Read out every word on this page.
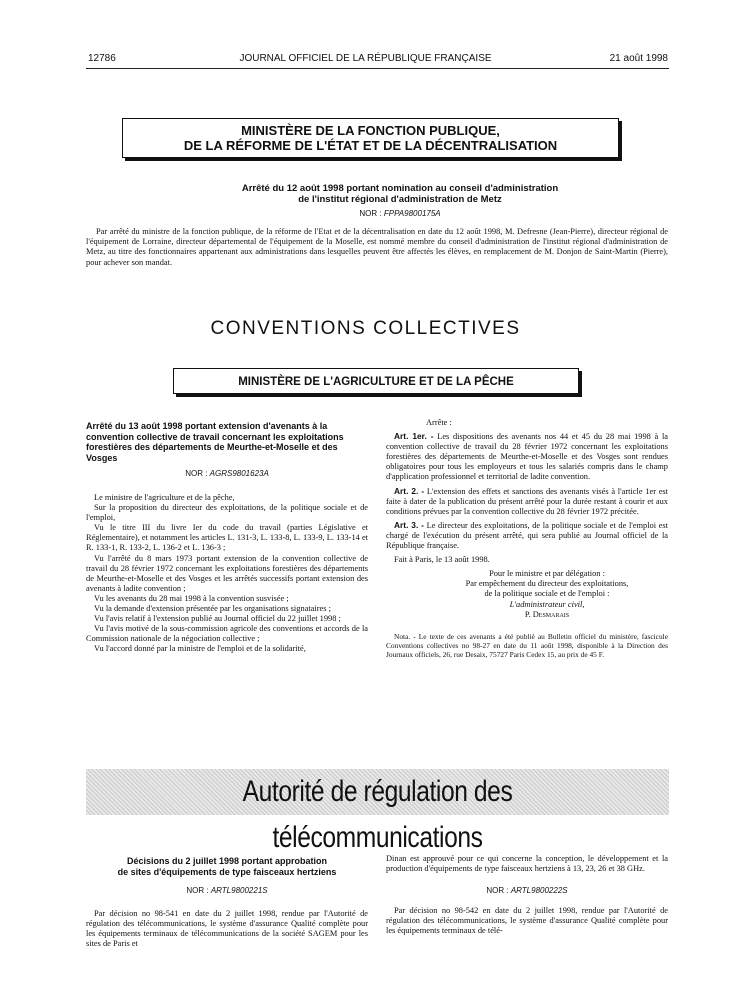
12786	JOURNAL OFFICIEL DE LA RÉPUBLIQUE FRANÇAISE	21 août 1998
MINISTÈRE DE LA FONCTION PUBLIQUE,
DE LA RÉFORME DE L'ÉTAT ET DE LA DÉCENTRALISATION
Arrêté du 12 août 1998 portant nomination au conseil d'administration
de l'institut régional d'administration de Metz
NOR : FPPA9800175A
Par arrêté du ministre de la fonction publique, de la réforme de l'Etat et de la décentralisation en date du 12 août 1998, M. Defresne (Jean-Pierre), directeur régional de l'équipement de Lorraine, directeur départemental de l'équipement de la Moselle, est nommé membre du conseil d'administration de l'institut régional d'administration de Metz, au titre des fonctionnaires appartenant aux administrations dans lesquelles peuvent être affectés les élèves, en remplacement de M. Donjon de Saint-Martin (Pierre), pour achever son mandat.
CONVENTIONS COLLECTIVES
MINISTÈRE DE L'AGRICULTURE ET DE LA PÊCHE
Arrêté du 13 août 1998 portant extension d'avenants à la convention collective de travail concernant les exploitations forestières des départements de Meurthe-et-Moselle et des Vosges
NOR : AGRS9801623A

Le ministre de l'agriculture et de la pêche,

Sur la proposition du directeur des exploitations, de la politique sociale et de l'emploi,

Vu le titre III du livre Ier du code du travail (parties Législative et Réglementaire), et notamment les articles L. 131-3, L. 133-8, L. 133-9, L. 133-14 et R. 133-1, R. 133-2, L. 136-2 et L. 136-3 ;

Vu l'arrêté du 8 mars 1973 portant extension de la convention collective de travail du 28 février 1972 concernant les exploitations forestières des départements de Meurthe-et-Moselle et des Vosges et les arrêtés successifs portant extension des avenants à ladite convention ;

Vu les avenants du 28 mai 1998 à la convention susvisée ;

Vu la demande d'extension présentée par les organisations signataires ;

Vu l'avis relatif à l'extension publié au Journal officiel du 22 juillet 1998 ;

Vu l'avis motivé de la sous-commission agricole des conventions et accords de la Commission nationale de la négociation collective ;

Vu l'accord donné par la ministre de l'emploi et de la solidarité,

Arrête :

Art. 1er. - Les dispositions des avenants nos 44 et 45 du 28 mai 1998 à la convention collective de travail du 28 février 1972 concernant les exploitations forestières des départements de Meurthe-et-Moselle et des Vosges sont rendues obligatoires pour tous les employeurs et tous les salariés compris dans le champ d'application professionnel et territorial de ladite convention.

Art. 2. - L'extension des effets et sanctions des avenants visés à l'article 1er est faite à dater de la publication du présent arrêté pour la durée restant à courir et aux conditions prévues par la convention collective du 28 février 1972 précitée.

Art. 3. - Le directeur des exploitations, de la politique sociale et de l'emploi est chargé de l'exécution du présent arrêté, qui sera publié au Journal officiel de la République française.

Fait à Paris, le 13 août 1998.

Pour le ministre et par délégation :
Par empêchement du directeur des exploitations,
de la politique sociale et de l'emploi :
L'administrateur civil,
P. Desmarais

Nota. - Le texte de ces avenants a été publié au Bulletin officiel du ministère, fascicule Conventions collectives no 98-27 en date du 11 août 1998, disponible à la Direction des Journaux officiels, 26, rue Desaix, 75727 Paris Cedex 15, au prix de 45 F.

Autorité de régulation des télécommunications
Décisions du 2 juillet 1998 portant approbation
de sites d'équipements de type faisceaux hertziens
NOR : ARTL9800221S

Par décision no 98-541 en date du 2 juillet 1998, rendue par l'Autorité de régulation des télécommunications, le système d'assurance Qualité complète pour les équipements terminaux de télécommunications de la société SAGEM pour les sites de Paris et

Dinan est approuvé pour ce qui concerne la conception, le développement et la production d'équipements de type faisceaux hertziens à 13, 23, 26 et 38 GHz.

NOR : ARTL9800222S

Par décision no 98-542 en date du 2 juillet 1998, rendue par l'Autorité de régulation des télécommunications, le système d'assurance Qualité complète pour les équipements terminaux de télé-
